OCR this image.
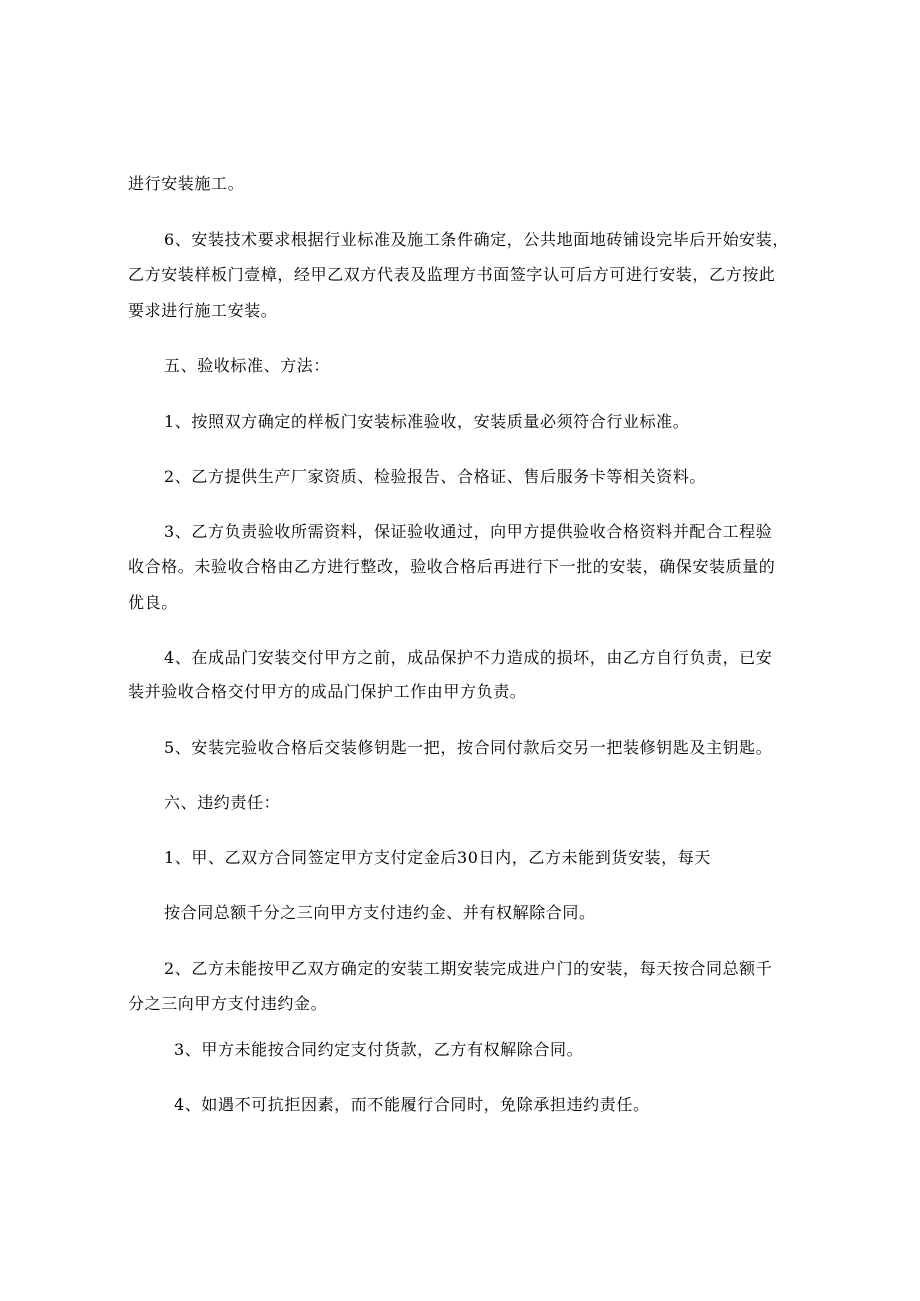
进行安装施工。
6、安装技术要求根据行业标准及施工条件确定，公共地面地砖铺设完毕后开始安装，
乙方安装样板门壹樟，经甲乙双方代表及监理方书面签字认可后方可进行安装，乙方按此
要求进行施工安装。
五、验收标准、方法：
1、按照双方确定的样板门安装标准验收，安装质量必须符合行业标准。
2、乙方提供生产厂家资质、检验报告、合格证、售后服务卡等相关资料。
3、乙方负责验收所需资料，保证验收通过，向甲方提供验收合格资料并配合工程验
收合格。未验收合格由乙方进行整改，验收合格后再进行下一批的安装，确保安装质量的
优良。
4、在成品门安装交付甲方之前，成品保护不力造成的损坏，由乙方自行负责，已安
装并验收合格交付甲方的成品门保护工作由甲方负责。
5、安装完验收合格后交装修钥匙一把，按合同付款后交另一把装修钥匙及主钥匙。
六、违约责任：
1、甲、乙双方合同签定甲方支付定金后30日内，乙方未能到货安装，每天
按合同总额千分之三向甲方支付违约金、并有权解除合同。
2、乙方未能按甲乙双方确定的安装工期安装完成进户门的安装，每天按合同总额千
分之三向甲方支付违约金。
3、甲方未能按合同约定支付货款，乙方有权解除合同。
4、如遇不可抗拒因素，而不能履行合同时，免除承担违约责任。
